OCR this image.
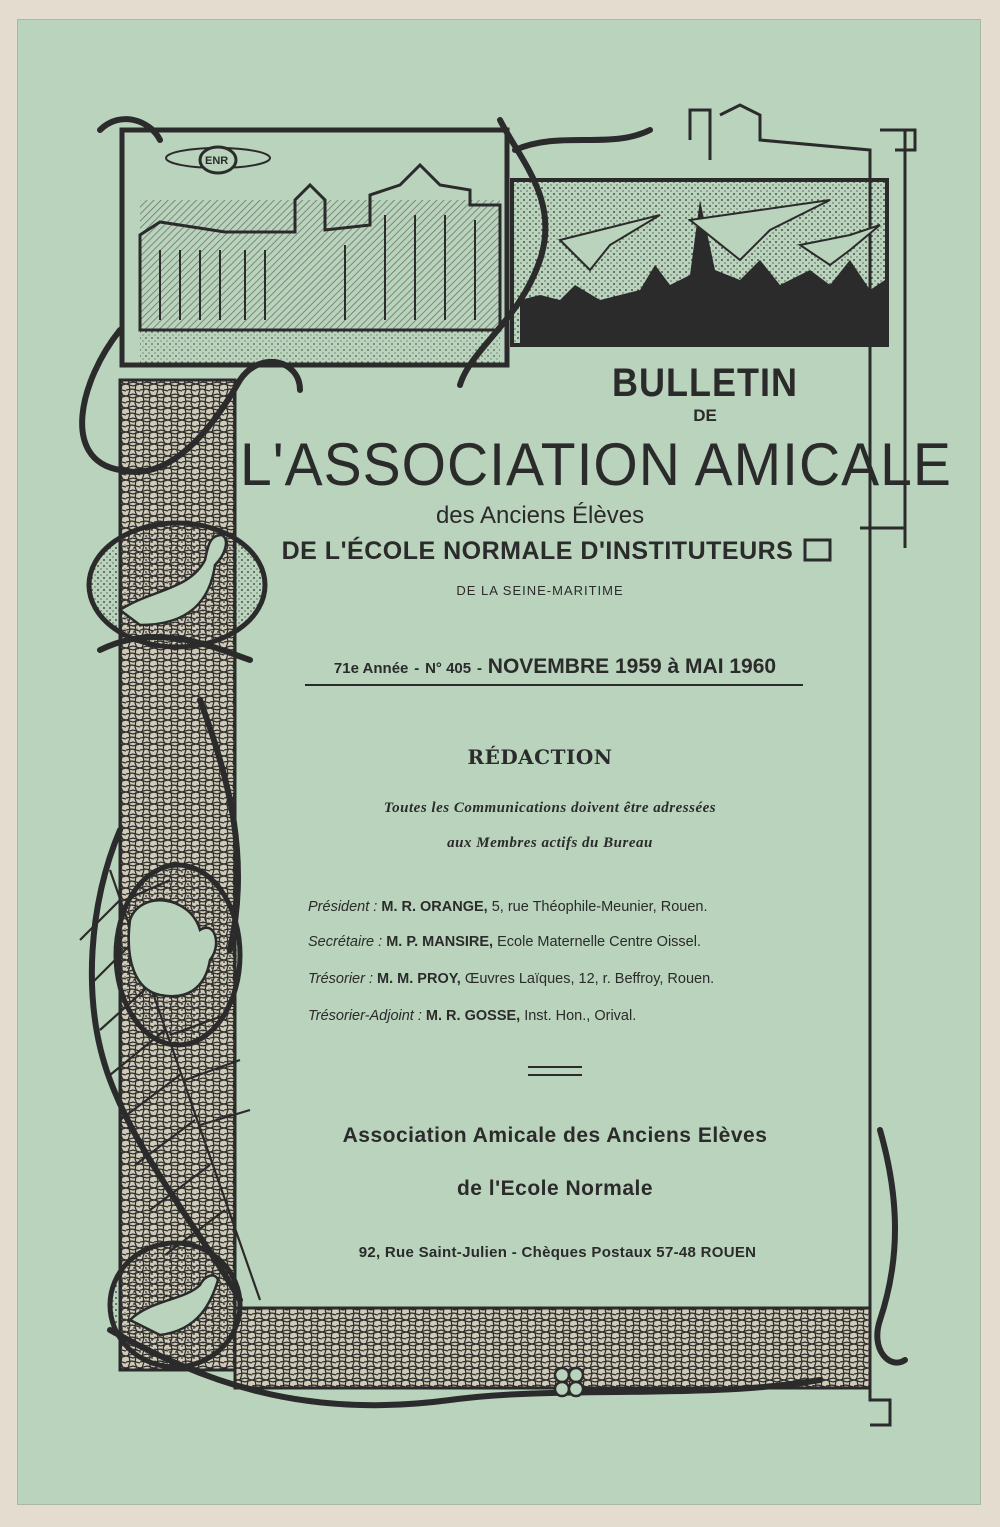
ENR
BULLETIN
DE
L'ASSOCIATION AMICALE
des Anciens Élèves
DE L'ÉCOLE NORMALE D'INSTITUTEURS
DE LA SEINE-MARITIME
71e Année - N° 405 - NOVEMBRE 1959 à MAI 1960
RÉDACTION
Toutes les Communications doivent être adressées
aux Membres actifs du Bureau
Président : M. R. ORANGE, 5, rue Théophile-Meunier, Rouen.
Secrétaire : M. P. MANSIRE, Ecole Maternelle Centre Oissel.
Trésorier : M. M. PROY, Œuvres Laïques, 12, r. Beffroy, Rouen.
Trésorier-Adjoint : M. R. GOSSE, Inst. Hon., Orival.
Association Amicale des Anciens Elèves
de l'Ecole Normale
92, Rue Saint-Julien - Chèques Postaux 57-48 ROUEN
